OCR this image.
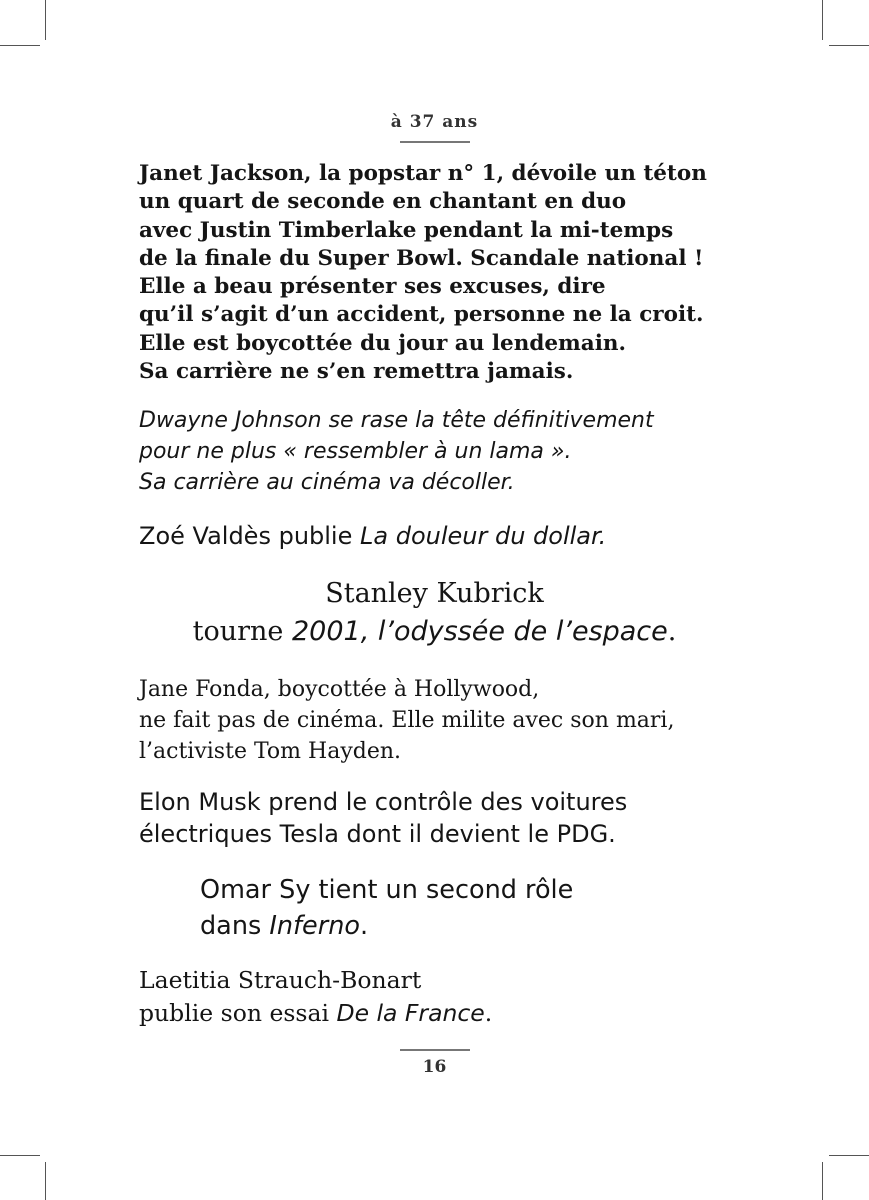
à 37 ans
Janet Jackson, la popstar n° 1, dévoile un téton
un quart de seconde en chantant en duo
avec Justin Timberlake pendant la mi-temps
de la finale du Super Bowl. Scandale national !
Elle a beau présenter ses excuses, dire
qu’il s’agit d’un accident, personne ne la croit.
Elle est boycottée du jour au lendemain.
Sa carrière ne s’en remettra jamais.
Dwayne Johnson se rase la tête définitivement
pour ne plus « ressembler à un lama ».
Sa carrière au cinéma va décoller.
Zoé Valdès publie La douleur du dollar.
Stanley Kubrick
tourne 2001, l’odyssée de l’espace.
Jane Fonda, boycottée à Hollywood,
ne fait pas de cinéma. Elle milite avec son mari,
l’activiste Tom Hayden.
Elon Musk prend le contrôle des voitures
électriques Tesla dont il devient le PDG.
Omar Sy tient un second rôle
dans Inferno.
Laetitia Strauch-Bonart
publie son essai De la France.
16
